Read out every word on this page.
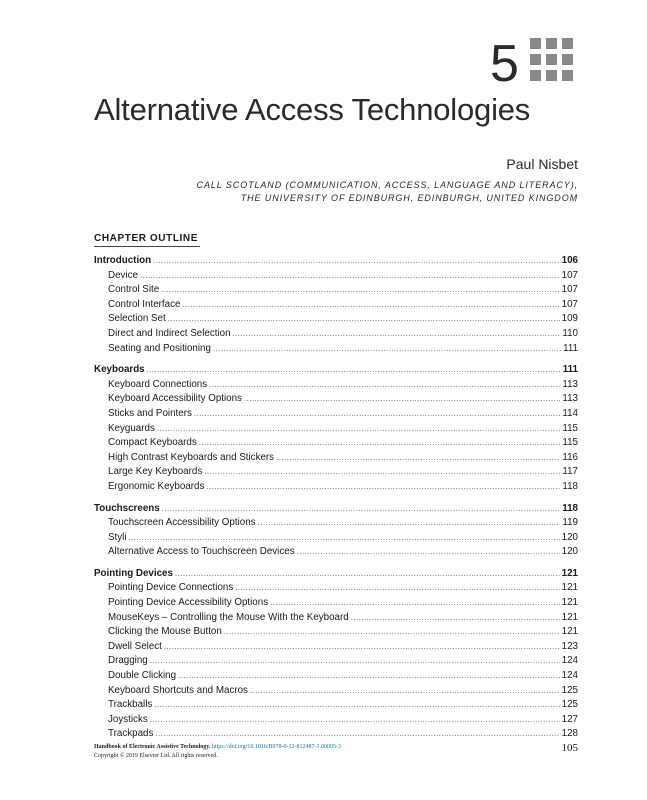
5
Alternative Access Technologies
Paul Nisbet
CALL SCOTLAND (COMMUNICATION, ACCESS, LANGUAGE AND LITERACY),
THE UNIVERSITY OF EDINBURGH, EDINBURGH, UNITED KINGDOM
CHAPTER OUTLINE
Introduction .....	106
Device .....	107
Control Site .....	107
Control Interface .....	107
Selection Set .....	109
Direct and Indirect Selection .....	110
Seating and Positioning .....	111
Keyboards .....	111
Keyboard Connections .....	113
Keyboard Accessibility Options .....	113
Sticks and Pointers .....	114
Keyguards .....	115
Compact Keyboards .....	115
High Contrast Keyboards and Stickers .....	116
Large Key Keyboards .....	117
Ergonomic Keyboards .....	118
Touchscreens .....	118
Touchscreen Accessibility Options .....	119
Styli .....	120
Alternative Access to Touchscreen Devices .....	120
Pointing Devices .....	121
Pointing Device Connections .....	121
Pointing Device Accessibility Options .....	121
MouseKeys – Controlling the Mouse With the Keyboard .....	121
Clicking the Mouse Button .....	121
Dwell Select .....	123
Dragging .....	124
Double Clicking .....	124
Keyboard Shortcuts and Macros .....	125
Trackballs .....	125
Joysticks .....	127
Trackpads .....	128
Handbook of Electronic Assistive Technology. https://doi.org/10.1016/B978-0-12-812487-1.00005-3
Copyright © 2019 Elsevier Ltd. All rights reserved.
105
